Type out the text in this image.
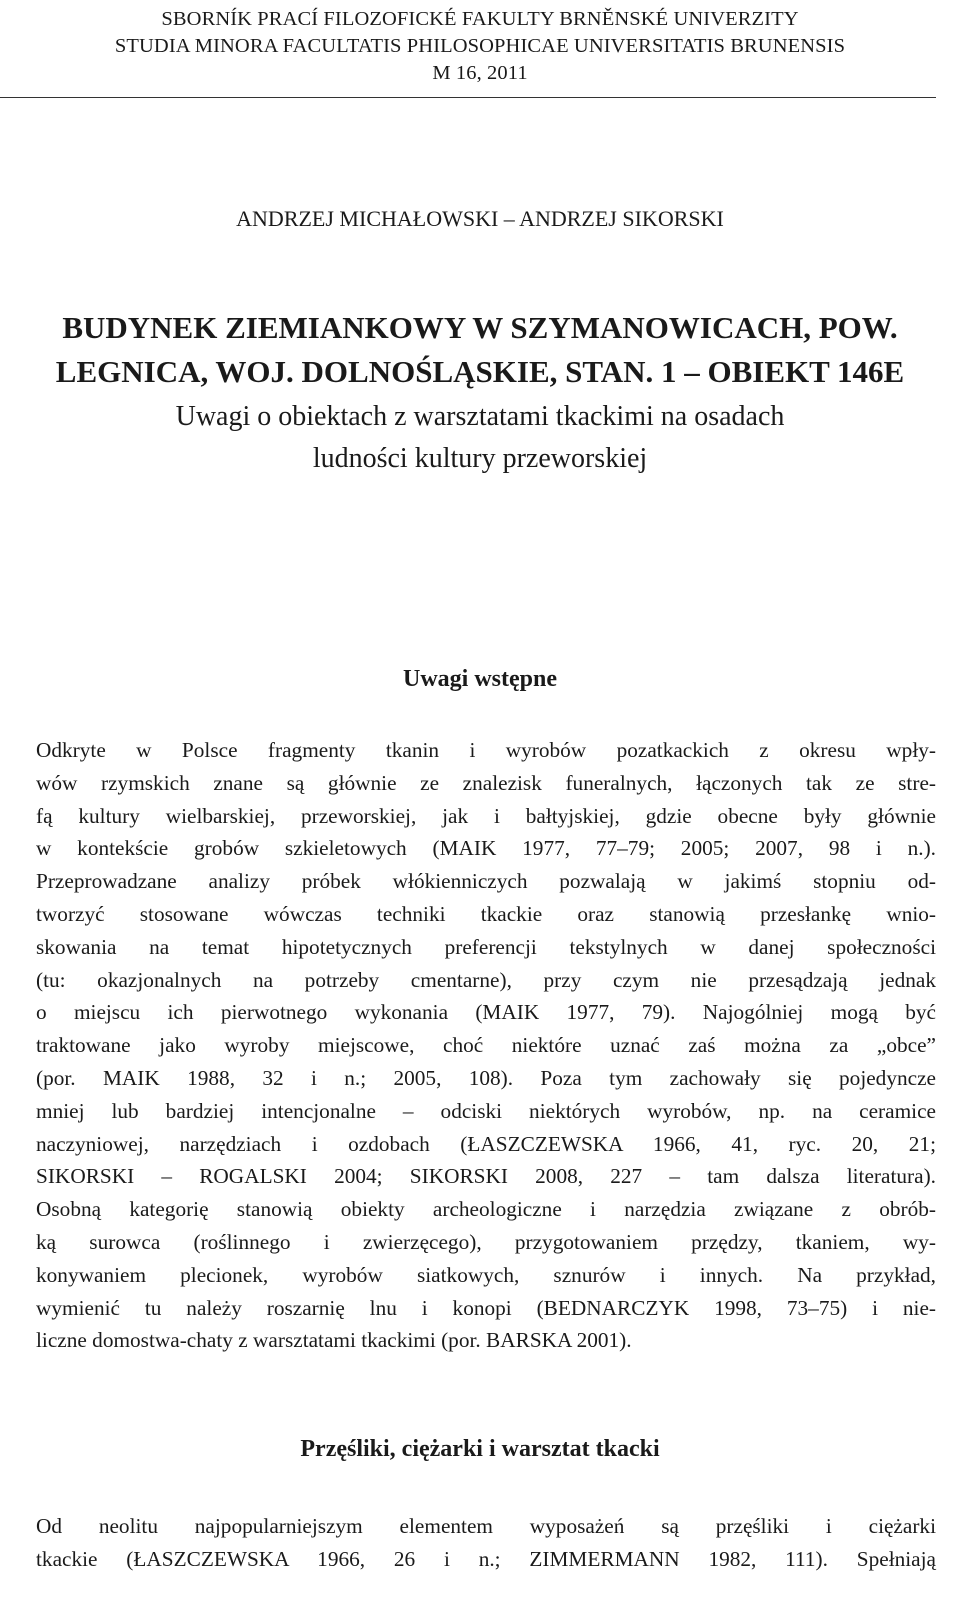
SBORNÍK PRACÍ FILOZOFICKÉ FAKULTY BRNĚNSKÉ UNIVERZITY
STUDIA MINORA FACULTATIS PHILOSOPHICAE UNIVERSITATIS BRUNENSIS
M 16, 2011
ANDRZEJ MICHAŁOWSKI – ANDRZEJ SIKORSKI
BUDYNEK ZIEMIANKOWY W SZYMANOWICACH, POW.
LEGNICA, WOJ. DOLNOŚLĄSKIE, STAN. 1 – OBIEKT 146E
Uwagi o obiektach z warsztatami tkackimi na osadach
ludności kultury przeworskiej
Uwagi wstępne
Odkryte w Polsce fragmenty tkanin i wyrobów pozatkackich z okresu wpły-
wów rzymskich znane są głównie ze znalezisk funeralnych, łączonych tak ze stre-
fą kultury wielbarskiej, przeworskiej, jak i bałtyjskiej, gdzie obecne były głównie
w kontekście grobów szkieletowych (MAIK 1977, 77–79; 2005; 2007, 98 i n.).
Przeprowadzane analizy próbek włókienniczych pozwalają w jakimś stopniu od-
tworzyć stosowane wówczas techniki tkackie oraz stanowią przesłankę wnio-
skowania na temat hipotetycznych preferencji tekstylnych w danej społeczności
(tu: okazjonalnych na potrzeby cmentarne), przy czym nie przesądzają jednak
o miejscu ich pierwotnego wykonania (MAIK 1977, 79). Najogólniej mogą być
traktowane jako wyroby miejscowe, choć niektóre uznać zaś można za „obce”
(por. MAIK 1988, 32 i n.; 2005, 108). Poza tym zachowały się pojedyncze
mniej lub bardziej intencjonalne – odciski niektórych wyrobów, np. na ceramice
naczyniowej, narzędziach i ozdobach (ŁASZCZEWSKA 1966, 41, ryc. 20, 21;
SIKORSKI – ROGALSKI 2004; SIKORSKI 2008, 227 – tam dalsza literatura).
Osobną kategorię stanowią obiekty archeologiczne i narzędzia związane z obrób-
ką surowca (roślinnego i zwierzęcego), przygotowaniem przędzy, tkaniem, wy-
konywaniem plecionek, wyrobów siatkowych, sznurów i innych. Na przykład,
wymienić tu należy roszarnię lnu i konopi (BEDNARCZYK 1998, 73–75) i nie-
liczne domostwa-chaty z warsztatami tkackimi (por. BARSKA 2001).
Przęśliki, ciężarki i warsztat tkacki
Od neolitu najpopularniejszym elementem wyposażeń są przęśliki i ciężarki
tkackie (ŁASZCZEWSKA 1966, 26 i n.; ZIMMERMANN 1982, 111). Spełniają
